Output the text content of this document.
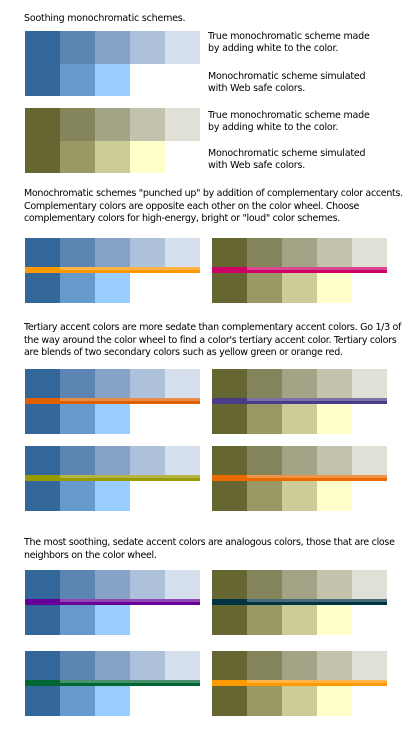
Soothing monochromatic schemes.
True monochromatic scheme made
by adding white to the color.
Monochromatic scheme simulated
with Web safe colors.
True monochromatic scheme made
by adding white to the color.
Monochromatic scheme simulated
with Web safe colors.
Monochromatic schemes "punched up" by addition of complementary color accents.
Complementary colors are opposite each other on the color wheel. Choose
complementary colors for high-energy, bright or "loud" color schemes.
Tertiary accent colors are more sedate than complementary accent colors. Go 1/3 of
the way around the color wheel to find a color's tertiary accent color. Tertiary colors
are blends of two secondary colors such as yellow green or orange red.
The most soothing, sedate accent colors are analogous colors, those that are close
neighbors on the color wheel.
